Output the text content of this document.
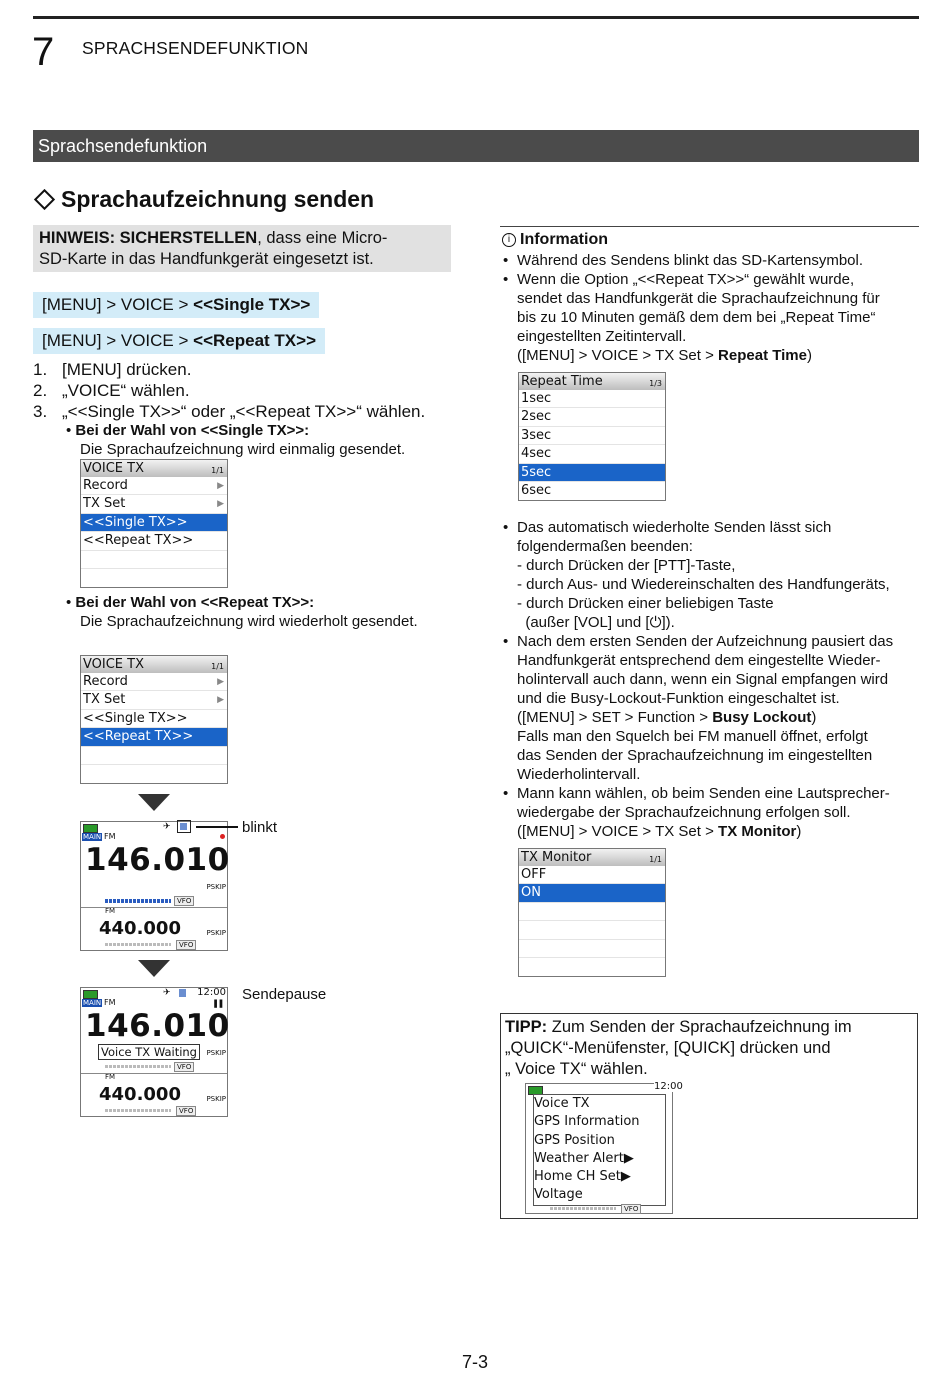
7 SPRACHSENDEFUNKTION
Sprachsendefunktion
Sprachaufzeichnung senden
HINWEIS: SICHERSTELLEN, dass eine Micro-
SD-Karte in das Handfunkgerät eingesetzt ist.
[MENU] > VOICE > <<Single TX>>
[MENU] > VOICE > <<Repeat TX>>
1. [MENU] drücken.
2. „VOICE“ wählen.
3. „<<Single TX>>“ oder „<<Repeat TX>>“ wählen.
• Bei der Wahl von <<Single TX>>:
Die Sprachaufzeichnung wird einmalig gesendet.
VOICE TX	1/1
Record	▶
TX Set	▶
<<Single TX>>
<<Repeat TX>>
• Bei der Wahl von <<Repeat TX>>:
Die Sprachaufzeichnung wird wiederholt gesendet.
VOICE TX	1/1
Record	▶
TX Set	▶
<<Single TX>>
<<Repeat TX>>
✈
MAIN FM
146.010
PSKIP
VFO
FM
440.000	PSKIP
VFO
blinkt
✈	12:00
▌▌
MAIN FM
146.010
Voice TX Waiting	PSKIP
VFO
FM
440.000	PSKIP
VFO
Sendepause
i Information
• Während des Sendens blinkt das SD-Kartensymbol.
• Wenn die Option „<<Repeat TX>>“ gewählt wurde,
sendet das Handfunkgerät die Sprachaufzeichnung für
bis zu 10 Minuten gemäß dem dem bei „Repeat Time“
eingestellten Zeitintervall.
([MENU] > VOICE > TX Set > Repeat Time)
Repeat Time	1/3
1sec
2sec
3sec
4sec
5sec
6sec
• Das automatisch wiederholte Senden lässt sich
folgendermaßen beenden:
- durch Drücken der [PTT]-Taste,
- durch Aus- und Wiedereinschalten des Handfungeräts,
- durch Drücken einer beliebigen Taste
(außer [VOL] und [⏻]).
• Nach dem ersten Senden der Aufzeichnung pausiert das
Handfunkgerät entsprechend dem eingestellte Wieder-
holintervall auch dann, wenn ein Signal empfangen wird
und die Busy-Lockout-Funktion eingeschaltet ist.
([MENU] > SET > Function > Busy Lockout)
Falls man den Squelch bei FM manuell öffnet, erfolgt
das Senden der Sprachaufzeichnung im eingestellten
Wiederholintervall.
• Mann kann wählen, ob beim Senden eine Lautsprecher-
wiedergabe der Sprachaufzeichnung erfolgen soll.
([MENU] > VOICE > TX Set > TX Monitor)
TX Monitor	1/1
OFF
ON
TIPP: Zum Senden der Sprachaufzeichnung im
„QUICK“-Menüfenster, [QUICK] drücken und
„ Voice TX“ wählen.
12:00
Voice TX▶
GPS Information
GPS Position
Weather Alert▶
Home CH Set▶
Voltage
VFO
7-3
